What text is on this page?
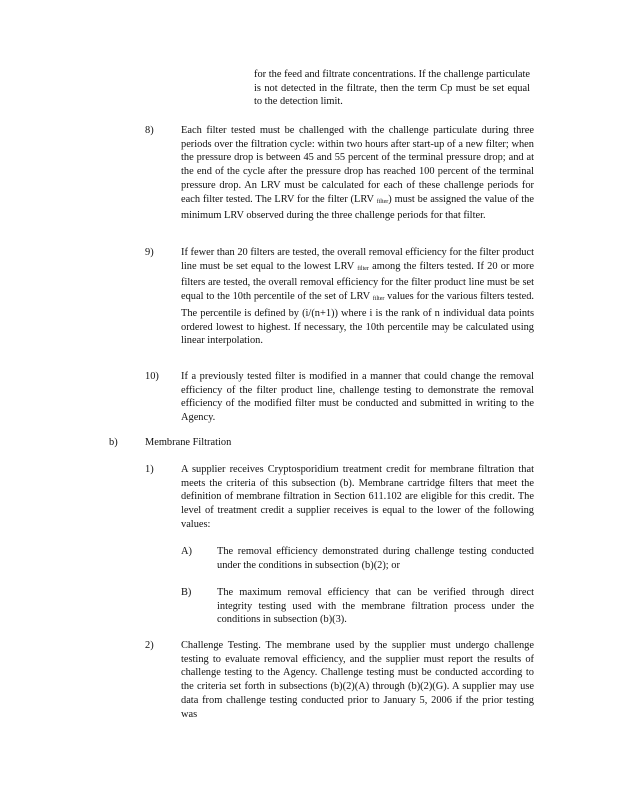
for the feed and filtrate concentrations. If the challenge particulate is not detected in the filtrate, then the term Cp must be set equal to the detection limit.
8)	Each filter tested must be challenged with the challenge particulate during three periods over the filtration cycle: within two hours after start-up of a new filter; when the pressure drop is between 45 and 55 percent of the terminal pressure drop; and at the end of the cycle after the pressure drop has reached 100 percent of the terminal pressure drop. An LRV must be calculated for each of these challenge periods for each filter tested. The LRV for the filter (LRV filter) must be assigned the value of the minimum LRV observed during the three challenge periods for that filter.
9)	If fewer than 20 filters are tested, the overall removal efficiency for the filter product line must be set equal to the lowest LRV filter among the filters tested. If 20 or more filters are tested, the overall removal efficiency for the filter product line must be set equal to the 10th percentile of the set of LRV filter values for the various filters tested. The percentile is defined by (i/(n+1)) where i is the rank of n individual data points ordered lowest to highest. If necessary, the 10th percentile may be calculated using linear interpolation.
10) If a previously tested filter is modified in a manner that could change the removal efficiency of the filter product line, challenge testing to demonstrate the removal efficiency of the modified filter must be conducted and submitted in writing to the Agency.
b)	Membrane Filtration
1)	A supplier receives Cryptosporidium treatment credit for membrane filtration that meets the criteria of this subsection (b). Membrane cartridge filters that meet the definition of membrane filtration in Section 611.102 are eligible for this credit. The level of treatment credit a supplier receives is equal to the lower of the following values:
A) The removal efficiency demonstrated during challenge testing conducted under the conditions in subsection (b)(2); or
B) The maximum removal efficiency that can be verified through direct integrity testing used with the membrane filtration process under the conditions in subsection (b)(3).
2)	Challenge Testing. The membrane used by the supplier must undergo challenge testing to evaluate removal efficiency, and the supplier must report the results of challenge testing to the Agency. Challenge testing must be conducted according to the criteria set forth in subsections (b)(2)(A) through (b)(2)(G). A supplier may use data from challenge testing conducted prior to January 5, 2006 if the prior testing was
